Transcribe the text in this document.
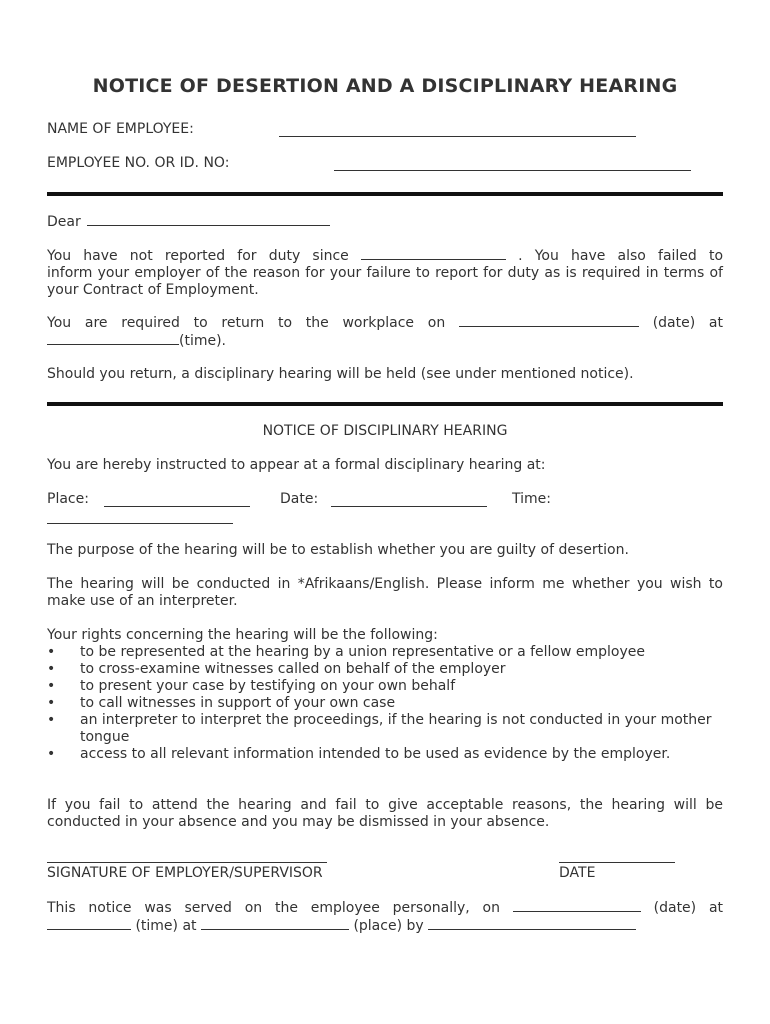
NOTICE OF DESERTION AND A DISCIPLINARY HEARING
NAME OF EMPLOYEE:
EMPLOYEE NO. OR ID. NO:
Dear
You have not reported for duty since	. You have also failed to
inform your employer of the reason for your failure to report for duty as is required in terms of your Contract of Employment.
You are required to return to the workplace on	(date) at
(time).
Should you return, a disciplinary hearing will be held (see under mentioned notice).
NOTICE OF DISCIPLINARY HEARING
You are hereby instructed to appear at a formal disciplinary hearing at:
Place:	Date:	Time:
The purpose of the hearing will be to establish whether you are guilty of desertion.
The hearing will be conducted in *Afrikaans/English. Please inform me whether you wish to make use of an interpreter.
Your rights concerning the hearing will be the following:
• to be represented at the hearing by a union representative or a fellow employee
• to cross-examine witnesses called on behalf of the employer
• to present your case by testifying on your own behalf
• to call witnesses in support of your own case
• an interpreter to interpret the proceedings, if the hearing is not conducted in your mother tongue
• access to all relevant information intended to be used as evidence by the employer.
If you fail to attend the hearing and fail to give acceptable reasons, the hearing will be conducted in your absence and you may be dismissed in your absence.
SIGNATURE OF EMPLOYER/SUPERVISOR	DATE
This notice was served on the employee personally, on	(date) at
(time) at	(place) by
